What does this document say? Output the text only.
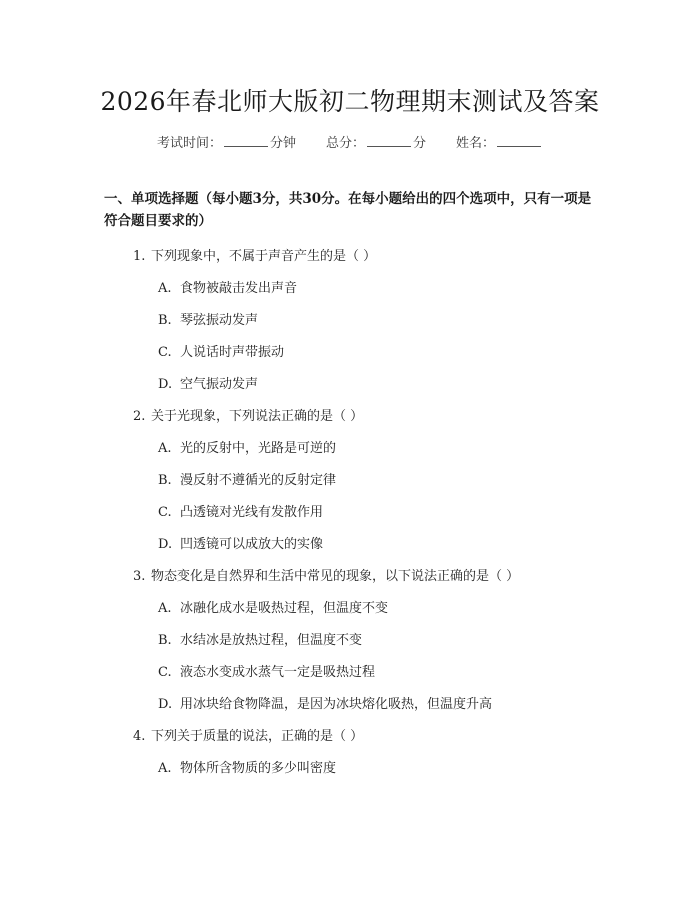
2026年春北师大版初二物理期末测试及答案
考试时间：	分钟 总分：	分 姓名：
一、单项选择题（每小题3分，共30分。在每小题给出的四个选项中，只有一项是符合题目要求的）
1. 下列现象中，不属于声音产生的是（ ）
A. 食物被敲击发出声音
B. 琴弦振动发声
C. 人说话时声带振动
D. 空气振动发声
2. 关于光现象，下列说法正确的是（ ）
A. 光的反射中，光路是可逆的
B. 漫反射不遵循光的反射定律
C. 凸透镜对光线有发散作用
D. 凹透镜可以成放大的实像
3. 物态变化是自然界和生活中常见的现象，以下说法正确的是（ ）
A. 冰融化成水是吸热过程，但温度不变
B. 水结冰是放热过程，但温度不变
C. 液态水变成水蒸气一定是吸热过程
D. 用冰块给食物降温，是因为冰块熔化吸热，但温度升高
4. 下列关于质量的说法，正确的是（ ）
A. 物体所含物质的多少叫密度
